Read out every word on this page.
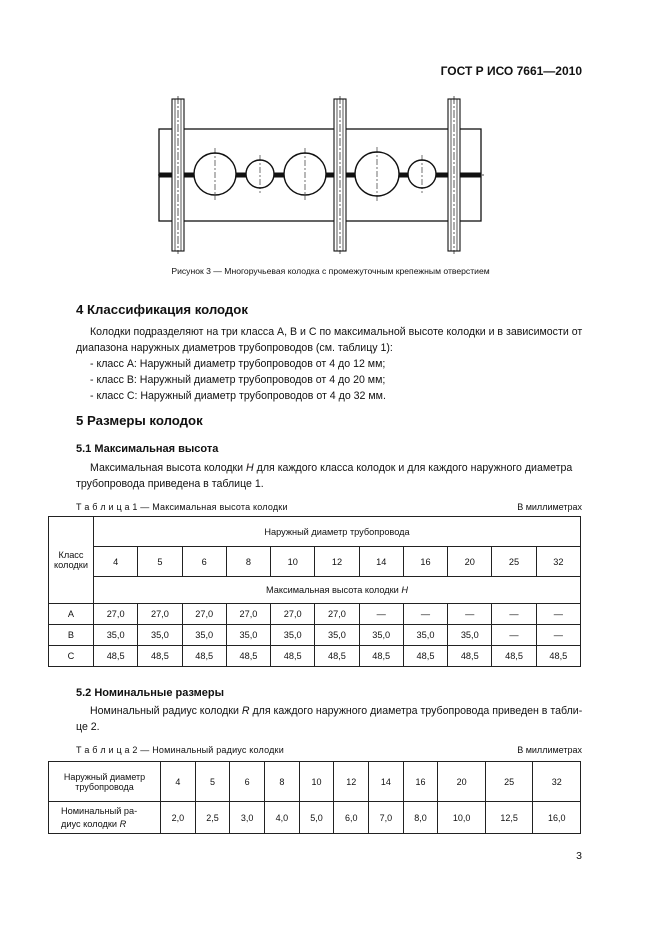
ГОСТ Р ИСО 7661—2010
Рисунок 3 — Многоручьевая колодка с промежуточным крепежным отверстием
4 Классификация колодок
Колодки подразделяют на три класса А, В и С по максимальной высоте колодки и в зависимости от
диапазона наружных диаметров трубопроводов (см. таблицу 1):
- класс А: Наружный диаметр трубопроводов от 4 до 12 мм;
- класс В: Наружный диаметр трубопроводов от 4 до 20 мм;
- класс С: Наружный диаметр трубопроводов от 4 до 32 мм.
5 Размеры колодок
5.1 Максимальная высота
Максимальная высота колодки Н для каждого класса колодок и для каждого наружного диаметра
трубопровода приведена в таблице 1.
Т а б л и ц а 1 — Максимальная высота колодки	В миллиметрах
Класс
колодки	Наружный диаметр трубопровода										
	4	5	6	8	10	12	14	16	20	25	32
	Максимальная высота колодки Н										
А	27,0	27,0	27,0	27,0	27,0	27,0	—	—	—	—	—
В	35,0	35,0	35,0	35,0	35,0	35,0	35,0	35,0	35,0	—	—
С	48,5	48,5	48,5	48,5	48,5	48,5	48,5	48,5	48,5	48,5	48,5
5.2 Номинальные размеры
Номинальный радиус колодки R для каждого наружного диаметра трубопровода приведен в табли-
це 2.
Т а б л и ц а 2 — Номинальный радиус колодки	В миллиметрах
Наружный диаметр
трубопровода	4	5	6	8	10	12	14	16	20	25	32
Номинальный ра-
диус колодки R	2,0	2,5	3,0	4,0	5,0	6,0	7,0	8,0	10,0	12,5	16,0
3
